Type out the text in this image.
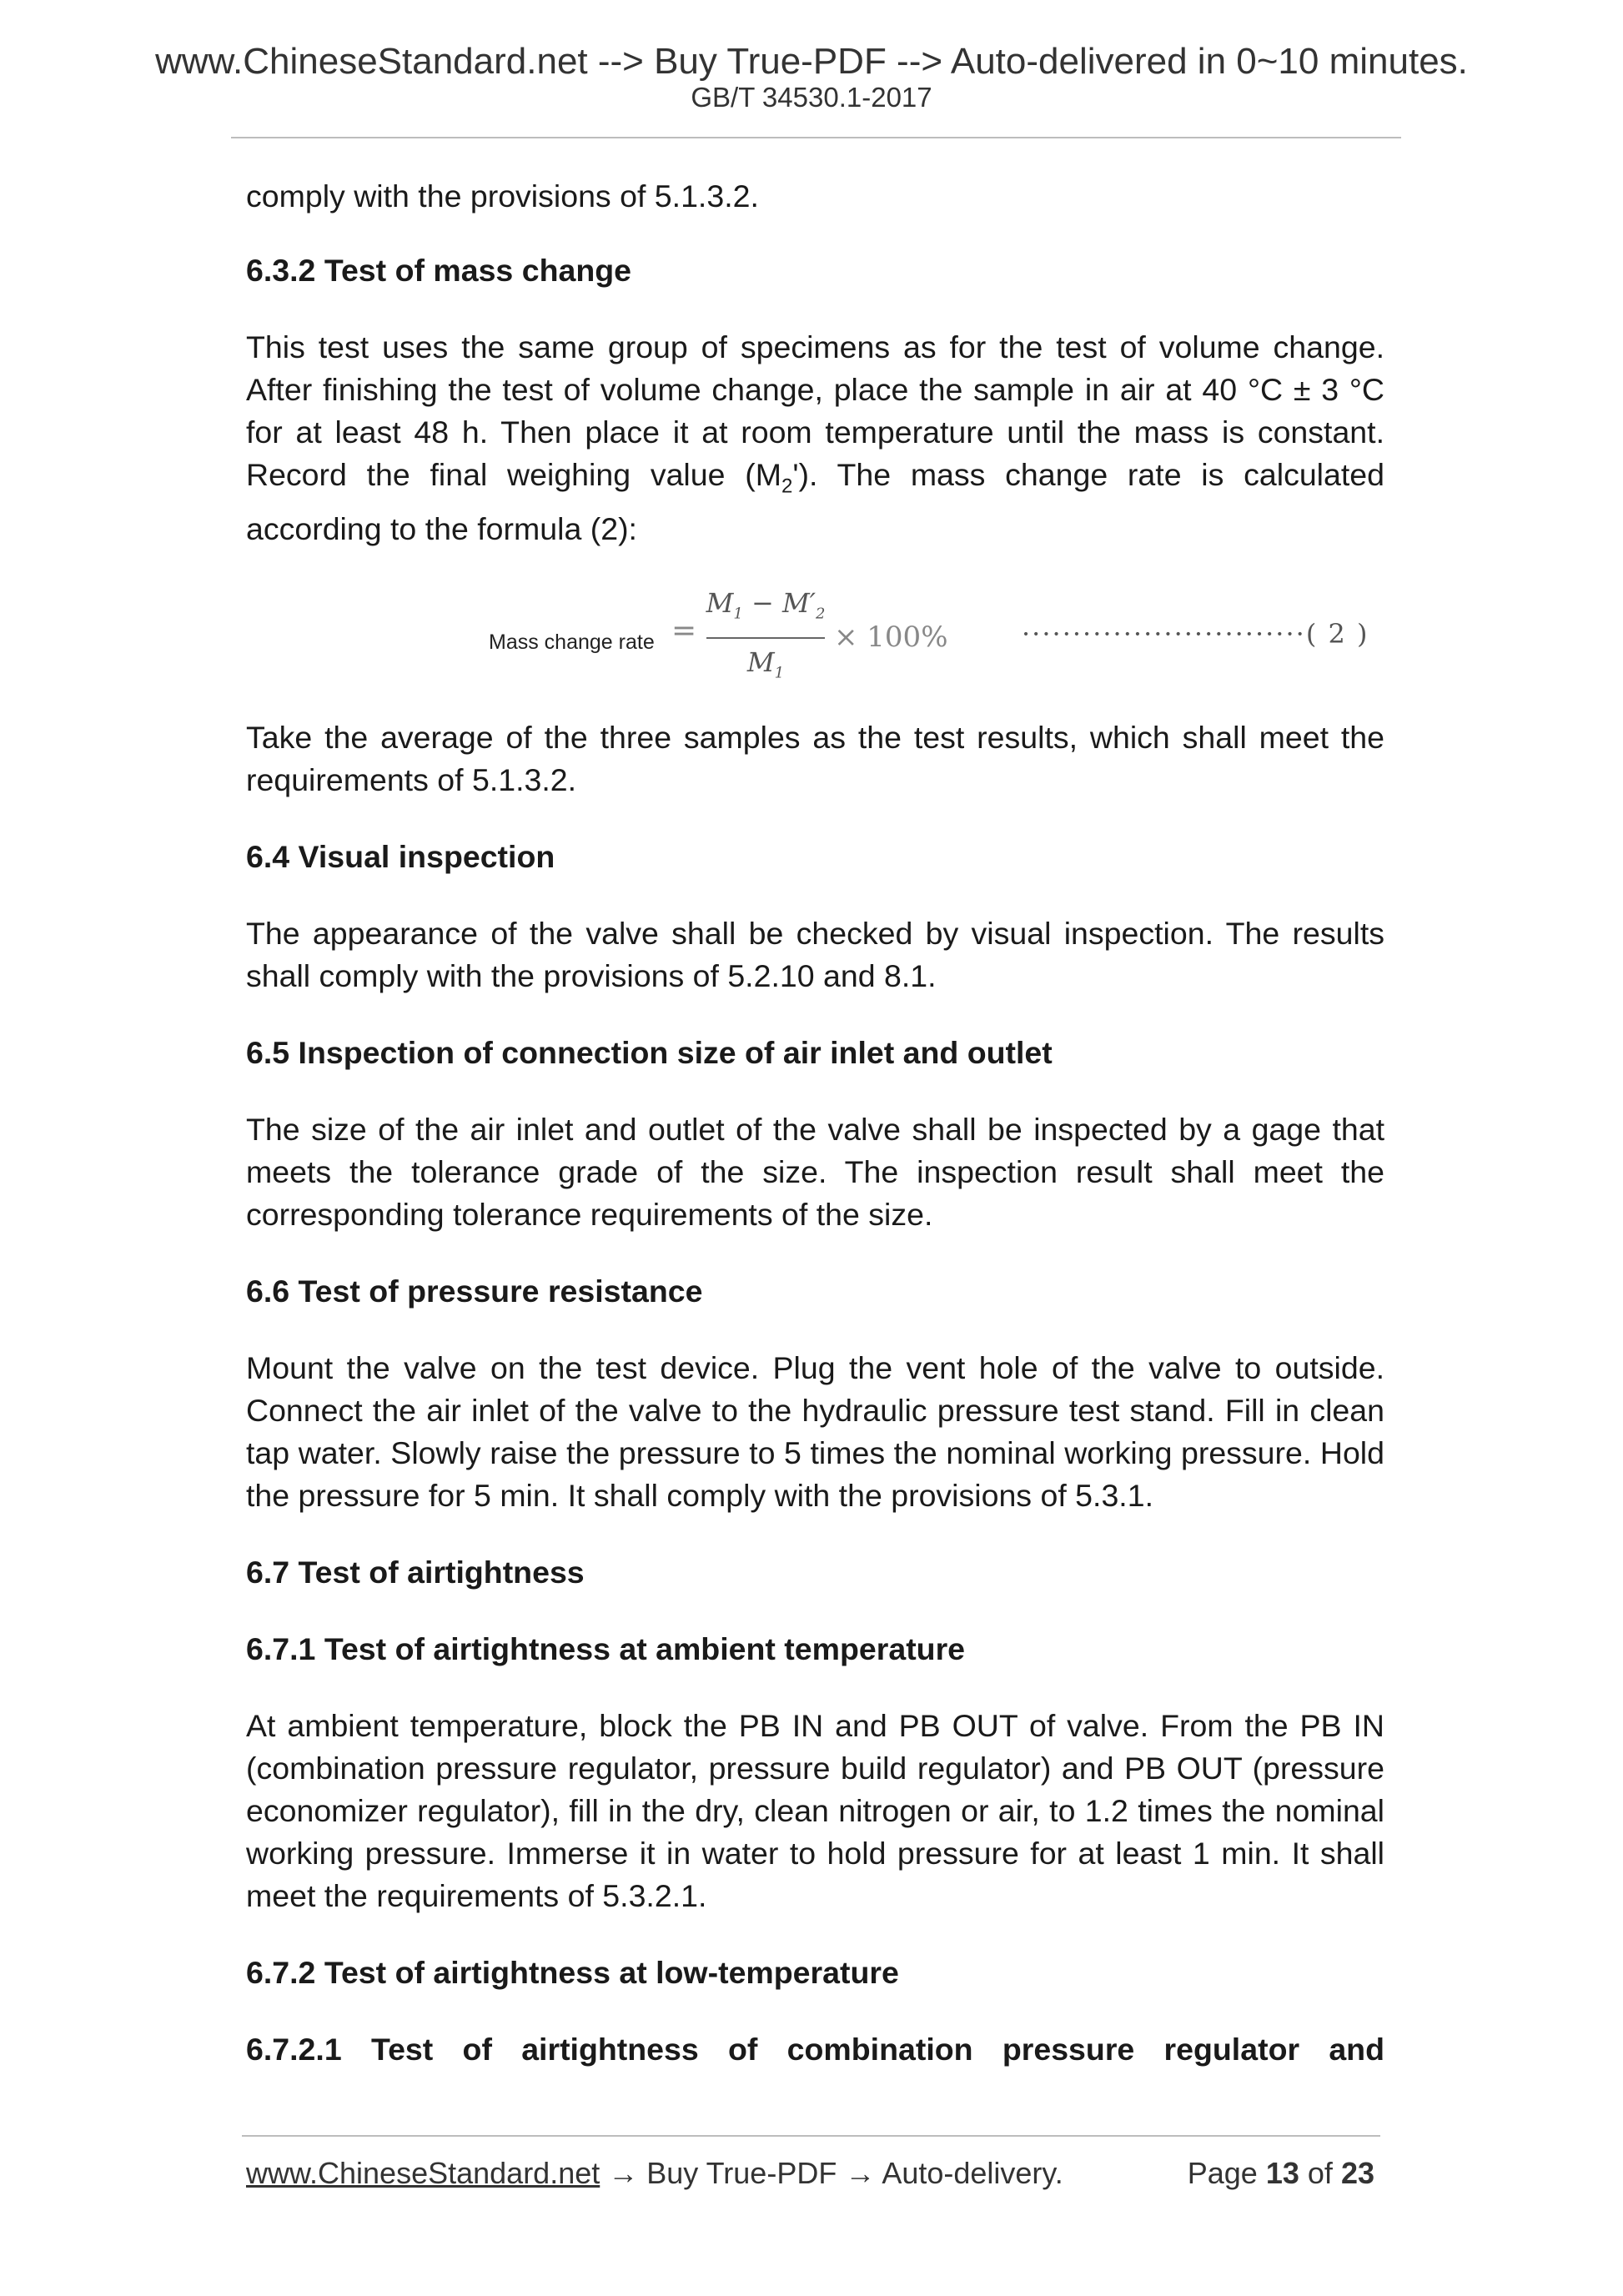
www.ChineseStandard.net --> Buy True-PDF --> Auto-delivered in 0~10 minutes.
GB/T 34530.1-2017

comply with the provisions of 5.1.3.2.

6.3.2 Test of mass change

This test uses the same group of specimens as for the test of volume change. After finishing the test of volume change, place the sample in air at 40 °C ± 3 °C for at least 48 h. Then place it at room temperature until the mass is constant. Record the final weighing value $(M_2')$. The mass change rate is calculated according to the formula (2):

Mass change rate =
$M_1 - M'_2$
$M_1$
× 100%	····························( 2 )

Take the average of the three samples as the test results, which shall meet the requirements of 5.1.3.2.

6.4 Visual inspection

The appearance of the valve shall be checked by visual inspection. The results shall comply with the provisions of 5.2.10 and 8.1.

6.5 Inspection of connection size of air inlet and outlet

The size of the air inlet and outlet of the valve shall be inspected by a gage that meets the tolerance grade of the size. The inspection result shall meet the corresponding tolerance requirements of the size.

6.6 Test of pressure resistance

Mount the valve on the test device. Plug the vent hole of the valve to outside. Connect the air inlet of the valve to the hydraulic pressure test stand. Fill in clean tap water. Slowly raise the pressure to 5 times the nominal working pressure. Hold the pressure for 5 min. It shall comply with the provisions of 5.3.1.

6.7 Test of airtightness
6.7.1 Test of airtightness at ambient temperature

At ambient temperature, block the PB IN and PB OUT of valve. From the PB IN (combination pressure regulator, pressure build regulator) and PB OUT (pressure economizer regulator), fill in the dry, clean nitrogen or air, to 1.2 times the nominal working pressure. Immerse it in water to hold pressure for at least 1 min. It shall meet the requirements of 5.3.2.1.

6.7.2 Test of airtightness at low-temperature
6.7.2.1 Test of airtightness of combination pressure regulator and
www.ChineseStandard.net → Buy True-PDF → Auto-delivery.	Page 13 of 23
